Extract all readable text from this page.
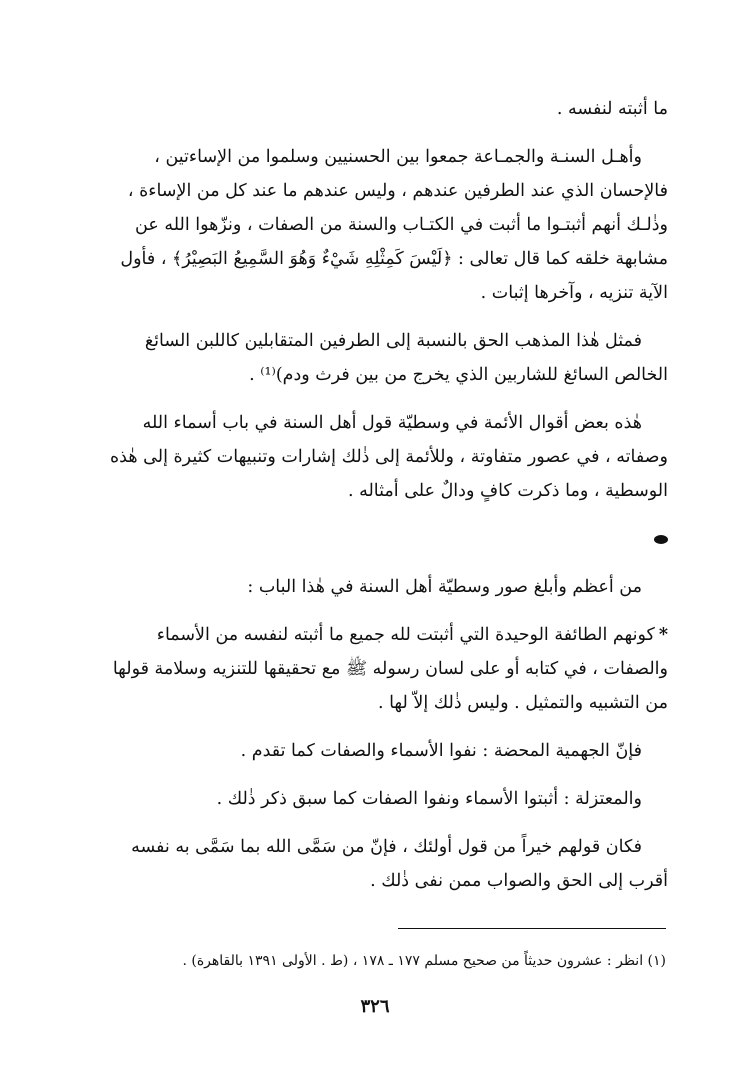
ما أثبته لنفسه .
وأهـل السنـة والجمـاعة جمعوا بين الحسنيين وسلموا من الإساءتين ،
فالإحسان الذي عند الطرفين عندهم ، وليس عندهم ما عند كل من الإساءة ،
وذٰلـك أنهم أثبتـوا ما أثبت في الكتـاب والسنة من الصفات ، ونزّهوا الله عن
مشابهة خلقه كما قال تعالى : ﴿لَيْسَ كَمِثْلِهِ شَيْءٌ وَهُوَ السَّمِيعُ البَصِيْرُ﴾ ، فأول
الآية تنزيه ، وآخرها إثبات .
فمثل هٰذا المذهب الحق بالنسبة إلى الطرفين المتقابلين كاللبن السائغ
الخالص السائغ للشاربين الذي يخرج من بين فرث ودم)⁽¹⁾ .
هٰذه بعض أقوال الأئمة في وسطيّة قول أهل السنة في باب أسماء الله
وصفاته ، في عصور متفاوتة ، وللأئمة إلى ذٰلك إشارات وتنبيهات كثيرة إلى هٰذه
الوسطية ، وما ذكرت كافٍ ودالٌ على أمثاله .
من أعظم وأبلغ صور وسطيّة أهل السنة في هٰذا الباب :
*كونهم الطائفة الوحيدة التي أثبتت لله جميع ما أثبته لنفسه من الأسماء
والصفات ، في كتابه أو على لسان رسوله ﷺ مع تحقيقها للتنزيه وسلامة قولها
من التشبيه والتمثيل . وليس ذٰلك إلاّ لها .
فإنّ الجهمية المحضة : نفوا الأسماء والصفات كما تقدم .
والمعتزلة : أثبتوا الأسماء ونفوا الصفات كما سبق ذكر ذٰلك .
فكان قولهم خيراً من قول أولئك ، فإنّ من سَمَّى الله بما سَمَّى به نفسه
أقرب إلى الحق والصواب ممن نفى ذٰلك .
(١) انظر : عشرون حديثاً من صحيح مسلم ١٧٧ ـ ١٧٨ ، (ط . الأولى ١٣٩١ بالقاهرة) .
٣٢٦
